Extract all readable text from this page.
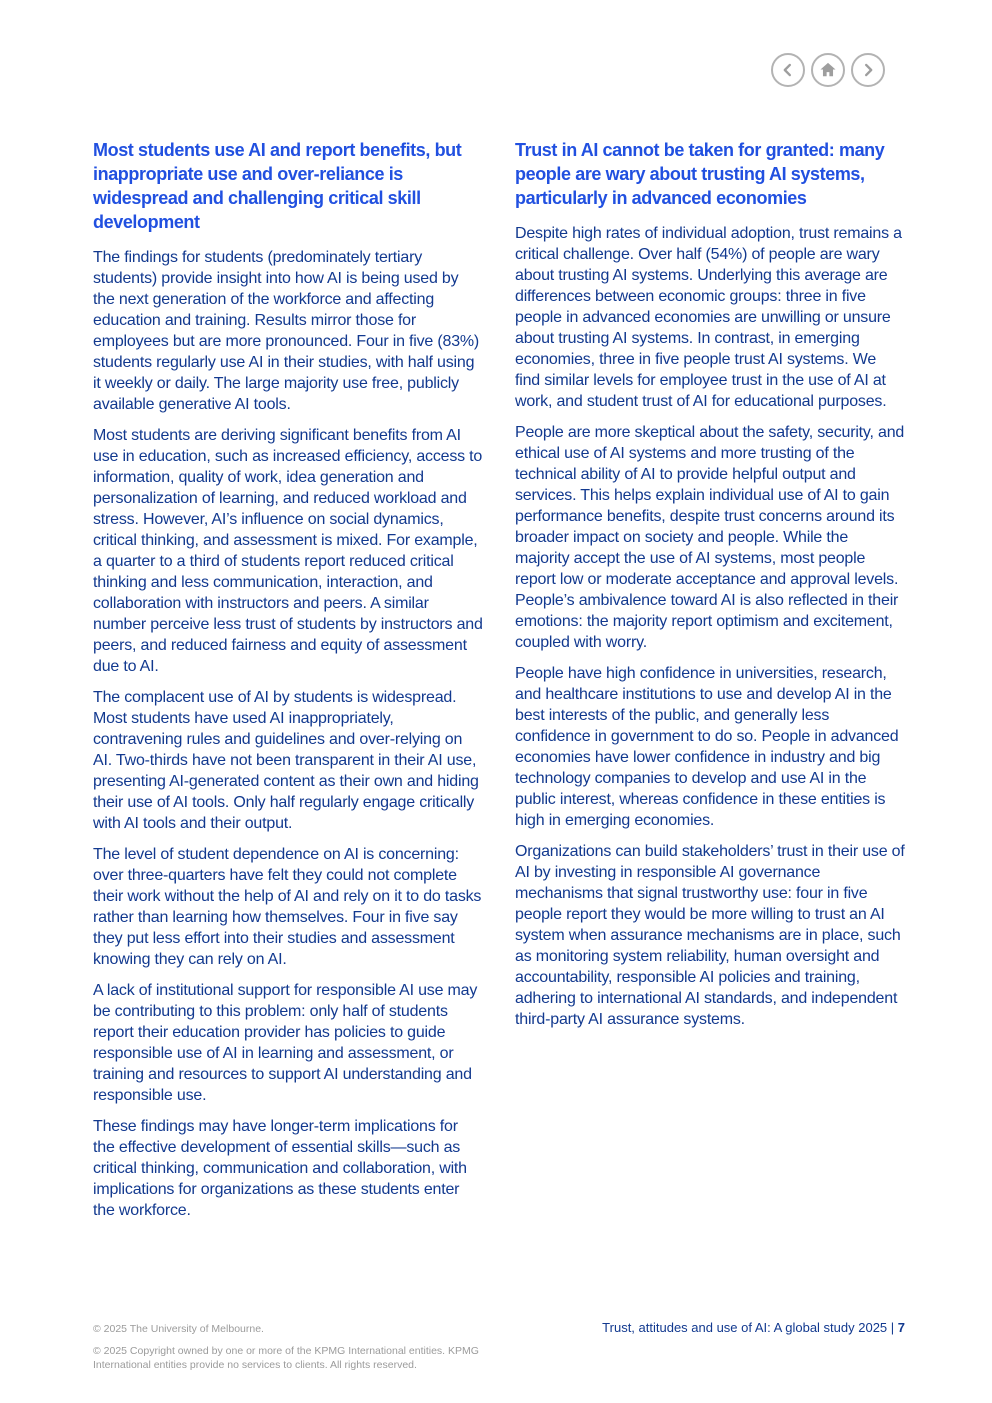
Most students use AI and report benefits, but inappropriate use and over-reliance is widespread and challenging critical skill development

The findings for students (predominately tertiary students) provide insight into how AI is being used by the next generation of the workforce and affecting education and training. Results mirror those for employees but are more pronounced. Four in five (83%) students regularly use AI in their studies, with half using it weekly or daily. The large majority use free, publicly available generative AI tools.

Most students are deriving significant benefits from AI use in education, such as increased efficiency, access to information, quality of work, idea generation and personalization of learning, and reduced workload and stress. However, AI’s influence on social dynamics, critical thinking, and assessment is mixed. For example, a quarter to a third of students report reduced critical thinking and less communication, interaction, and collaboration with instructors and peers. A similar number perceive less trust of students by instructors and peers, and reduced fairness and equity of assessment due to AI.

The complacent use of AI by students is widespread. Most students have used AI inappropriately, contravening rules and guidelines and over-relying on AI. Two-thirds have not been transparent in their AI use, presenting AI-generated content as their own and hiding their use of AI tools. Only half regularly engage critically with AI tools and their output.

The level of student dependence on AI is concerning: over three-quarters have felt they could not complete their work without the help of AI and rely on it to do tasks rather than learning how themselves. Four in five say they put less effort into their studies and assessment knowing they can rely on AI.

A lack of institutional support for responsible AI use may be contributing to this problem: only half of students report their education provider has policies to guide responsible use of AI in learning and assessment, or training and resources to support AI understanding and responsible use.

These findings may have longer-term implications for the effective development of essential skills—such as critical thinking, communication and collaboration, with implications for organizations as these students enter the workforce.

Trust in AI cannot be taken for granted: many people are wary about trusting AI systems, particularly in advanced economies

Despite high rates of individual adoption, trust remains a critical challenge. Over half (54%) of people are wary about trusting AI systems. Underlying this average are differences between economic groups: three in five people in advanced economies are unwilling or unsure about trusting AI systems. In contrast, in emerging economies, three in five people trust AI systems. We find similar levels for employee trust in the use of AI at work, and student trust of AI for educational purposes.

People are more skeptical about the safety, security, and ethical use of AI systems and more trusting of the technical ability of AI to provide helpful output and services. This helps explain individual use of AI to gain performance benefits, despite trust concerns around its broader impact on society and people. While the majority accept the use of AI systems, most people report low or moderate acceptance and approval levels. People’s ambivalence toward AI is also reflected in their emotions: the majority report optimism and excitement, coupled with worry.

People have high confidence in universities, research, and healthcare institutions to use and develop AI in the best interests of the public, and generally less confidence in government to do so. People in advanced economies have lower confidence in industry and big technology companies to develop and use AI in the public interest, whereas confidence in these entities is high in emerging economies.

Organizations can build stakeholders’ trust in their use of AI by investing in responsible AI governance mechanisms that signal trustworthy use: four in five people report they would be more willing to trust an AI system when assurance mechanisms are in place, such as monitoring system reliability, human oversight and accountability, responsible AI policies and training, adhering to international AI standards, and independent third-party AI assurance systems.

© 2025 The University of Melbourne.
© 2025 Copyright owned by one or more of the KPMG International entities. KPMG International entities provide no services to clients. All rights reserved.
Trust, attitudes and use of AI: A global study 2025 | 7
